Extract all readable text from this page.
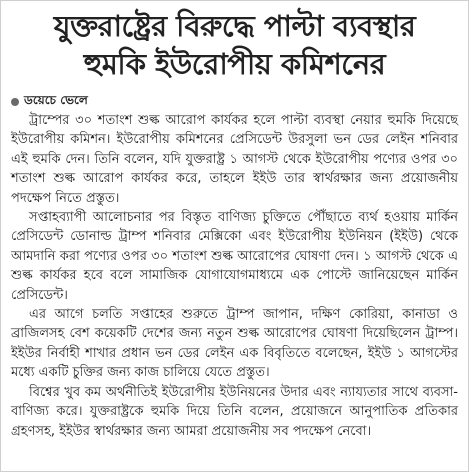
যুক্তরাষ্ট্রের বিরুদ্ধে পাল্টা ব্যবস্থার
হুমকি ইউরোপীয় কমিশনের
ডয়েচে ভেলে

ট্রাম্পের ৩০ শতাংশ শুল্ক আরোপ কার্যকর হলে পাল্টা ব্যবস্থা নেয়ার হুমকি দিয়েছে ইউরোপীয় কমিশন। ইউরোপীয় কমিশনের প্রেসিডেন্ট উরসুলা ভন ডের লেইন শনিবার এই হুমকি দেন। তিনি বলেন, যদি যুক্তরাষ্ট্র ১ আগস্ট থেকে ইউরোপীয় পণ্যের ওপর ৩০ শতাংশ শুল্ক আরোপ কার্যকর করে, তাহলে ইইউ তার স্বার্থরক্ষার জন্য প্রয়োজনীয় পদক্ষেপ নিতে প্রস্তুত।

সপ্তাহব্যাপী আলোচনার পর বিস্তৃত বাণিজ্য চুক্তিতে পৌঁছাতে ব্যর্থ হওয়ায় মার্কিন প্রেসিডেন্ট ডোনাল্ড ট্রাম্প শনিবার মেক্সিকো এবং ইউরোপীয় ইউনিয়ন (ইইউ) থেকে আমদানি করা পণ্যের ওপর ৩০ শতাংশ শুল্ক আরোপের ঘোষণা দেন। ১ আগস্ট থেকে এ শুল্ক কার্যকর হবে বলে সামাজিক যোগাযোগমাধ্যমে এক পোস্টে জানিয়েছেন মার্কিন প্রেসিডেন্ট।

এর আগে চলতি সপ্তাহের শুরুতে ট্রাম্প জাপান, দক্ষিণ কোরিয়া, কানাডা ও ব্রাজিলসহ বেশ কয়েকটি দেশের জন্য নতুন শুল্ক আরোপের ঘোষণা দিয়েছিলেন ট্রাম্প। ইইউর নির্বাহী শাখার প্রধান ভন ডের লেইন এক বিবৃতিতে বলেছেন, ইইউ ১ আগস্টের মধ্যে একটি চুক্তির জন্য কাজ চালিয়ে যেতে প্রস্তুত।

বিশ্বের খুব কম অর্থনীতিই ইউরোপীয় ইউনিয়নের উদার এবং ন্যায্যতার সাথে ব্যবসা- বাণিজ্য করে। যুক্তরাষ্ট্রকে হুমকি দিয়ে তিনি বলেন, প্রয়োজনে আনুপাতিক প্রতিকার গ্রহণসহ, ইইউর স্বার্থরক্ষার জন্য আমরা প্রয়োজনীয় সব পদক্ষেপ নেবো।
